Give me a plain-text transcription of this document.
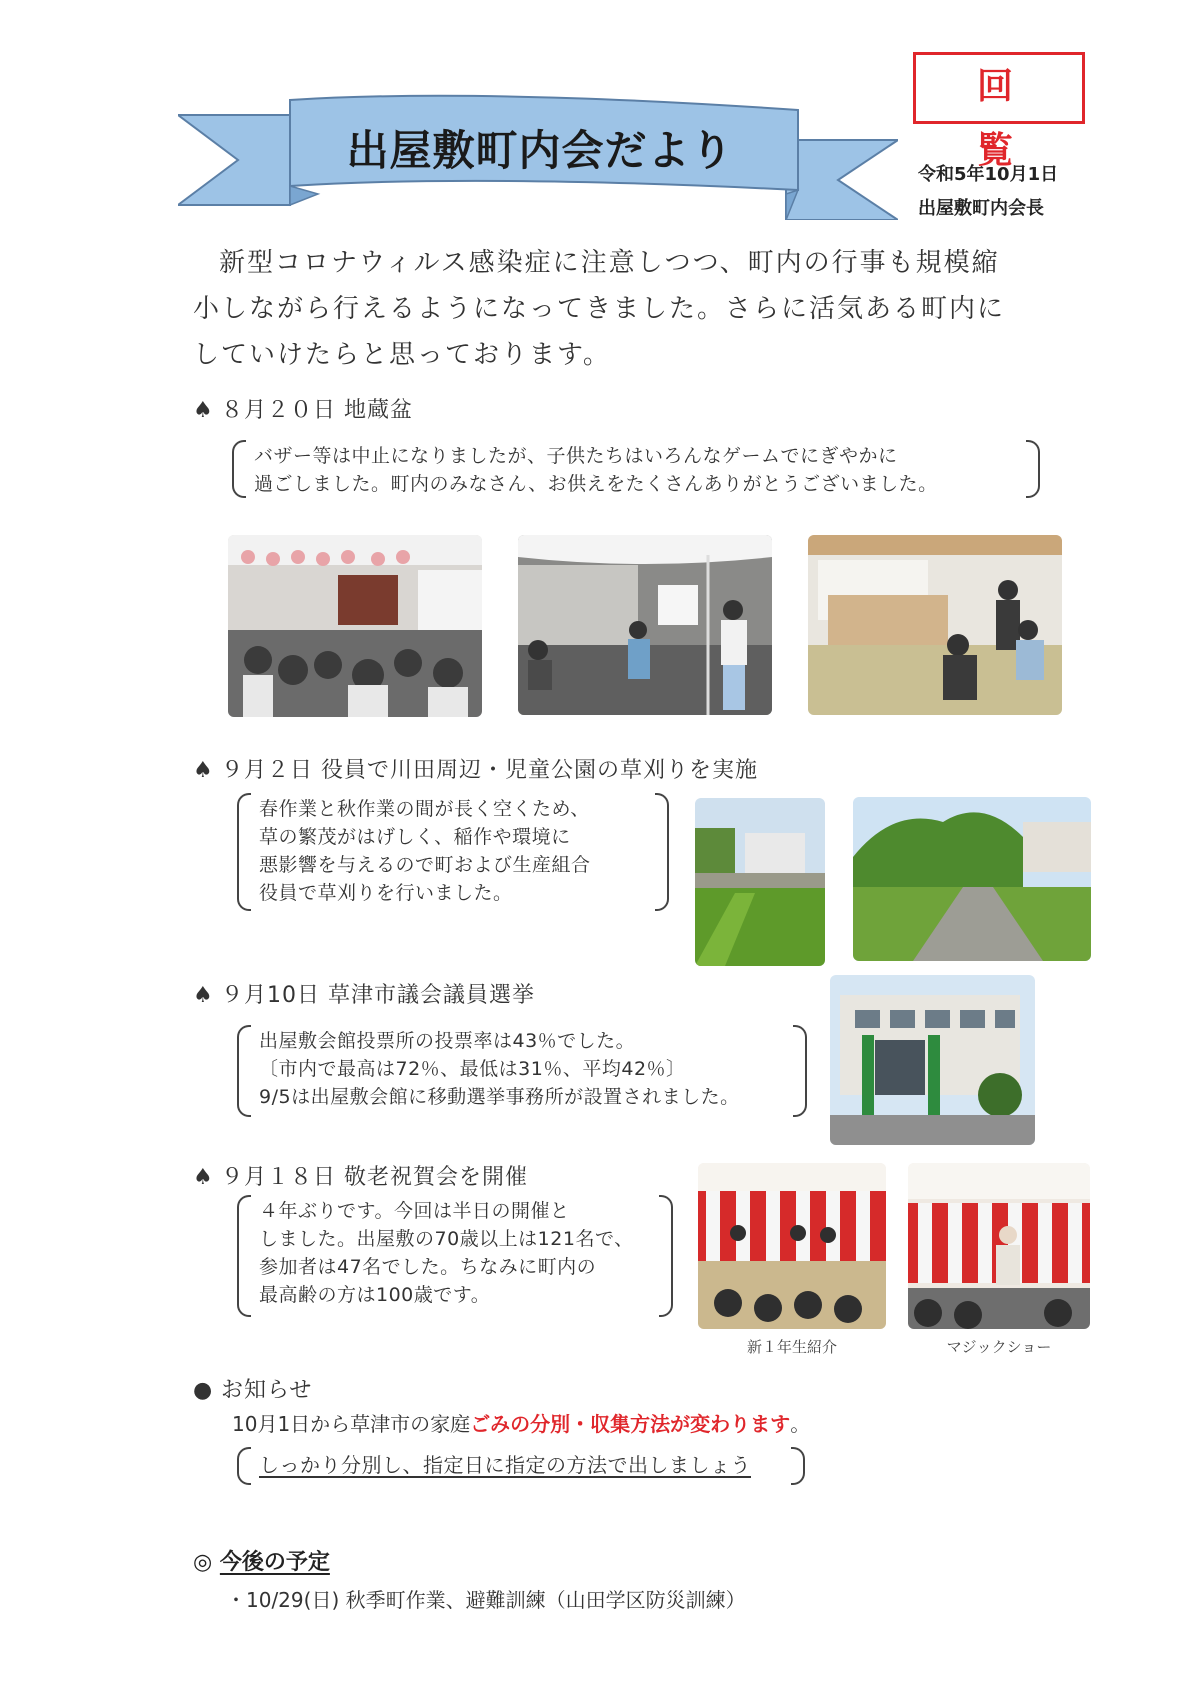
回　覧
出屋敷町内会だより	令和5年10月1日
出屋敷町内会長
新型コロナウィルス感染症に注意しつつ、町内の行事も規模縮小しながら行えるようになってきました。さらに活気ある町内にしていけたらと思っております。
♠ ８月２０日 地蔵盆
バザー等は中止になりましたが、子供たちはいろんなゲームでにぎやかに
過ごしました。町内のみなさん、お供えをたくさんありがとうございました。
♠ ９月２日 役員で川田周辺・児童公園の草刈りを実施
春作業と秋作業の間が長く空くため、
草の繁茂がはげしく、稲作や環境に
悪影響を与えるので町および生産組合
役員で草刈りを行いました。
♠ ９月10日 草津市議会議員選挙
出屋敷会館投票所の投票率は43％でした。
〔市内で最高は72％、最低は31％、平均42％〕
9/5は出屋敷会館に移動選挙事務所が設置されました。
♠ ９月１８日 敬老祝賀会を開催
４年ぶりです。今回は半日の開催と
しました。出屋敷の70歳以上は121名で、
参加者は47名でした。ちなみに町内の
最高齢の方は100歳です。
新１年生紹介	マジックショー
● お知らせ
10月1日から草津市の家庭ごみの分別・収集方法が変わります。
しっかり分別し、指定日に指定の方法で出しましょう
◎ 今後の予定
・10/29(日) 秋季町作業、避難訓練（山田学区防災訓練）
